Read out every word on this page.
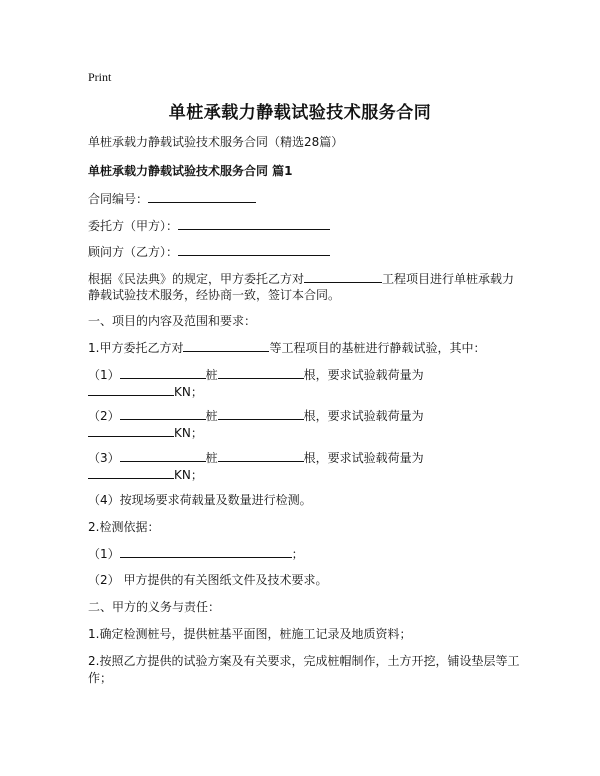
Print
单桩承载力静载试验技术服务合同
单桩承载力静载试验技术服务合同（精选28篇）
单桩承载力静载试验技术服务合同 篇1
合同编号：
委托方（甲方）：
顾问方（乙方）：
根据《民法典》的规定，甲方委托乙方对	工程项目进行单桩承载力
静载试验技术服务，经协商一致，签订本合同。
一、项目的内容及范围和要求：
1.甲方委托乙方对	等工程项目的基桩进行静载试验，其中：
（1）	桩	根，要求试验载荷量为
KN；
（2）	桩	根，要求试验载荷量为
KN；
（3）	桩	根，要求试验载荷量为
KN；
（4）按现场要求荷载量及数量进行检测。
2.检测依据：
（1）	；
（2） 甲方提供的有关图纸文件及技术要求。
二、甲方的义务与责任：
1.确定检测桩号，提供桩基平面图，桩施工记录及地质资料；
2.按照乙方提供的试验方案及有关要求，完成桩帽制作，土方开挖，铺设垫层等工
作；
